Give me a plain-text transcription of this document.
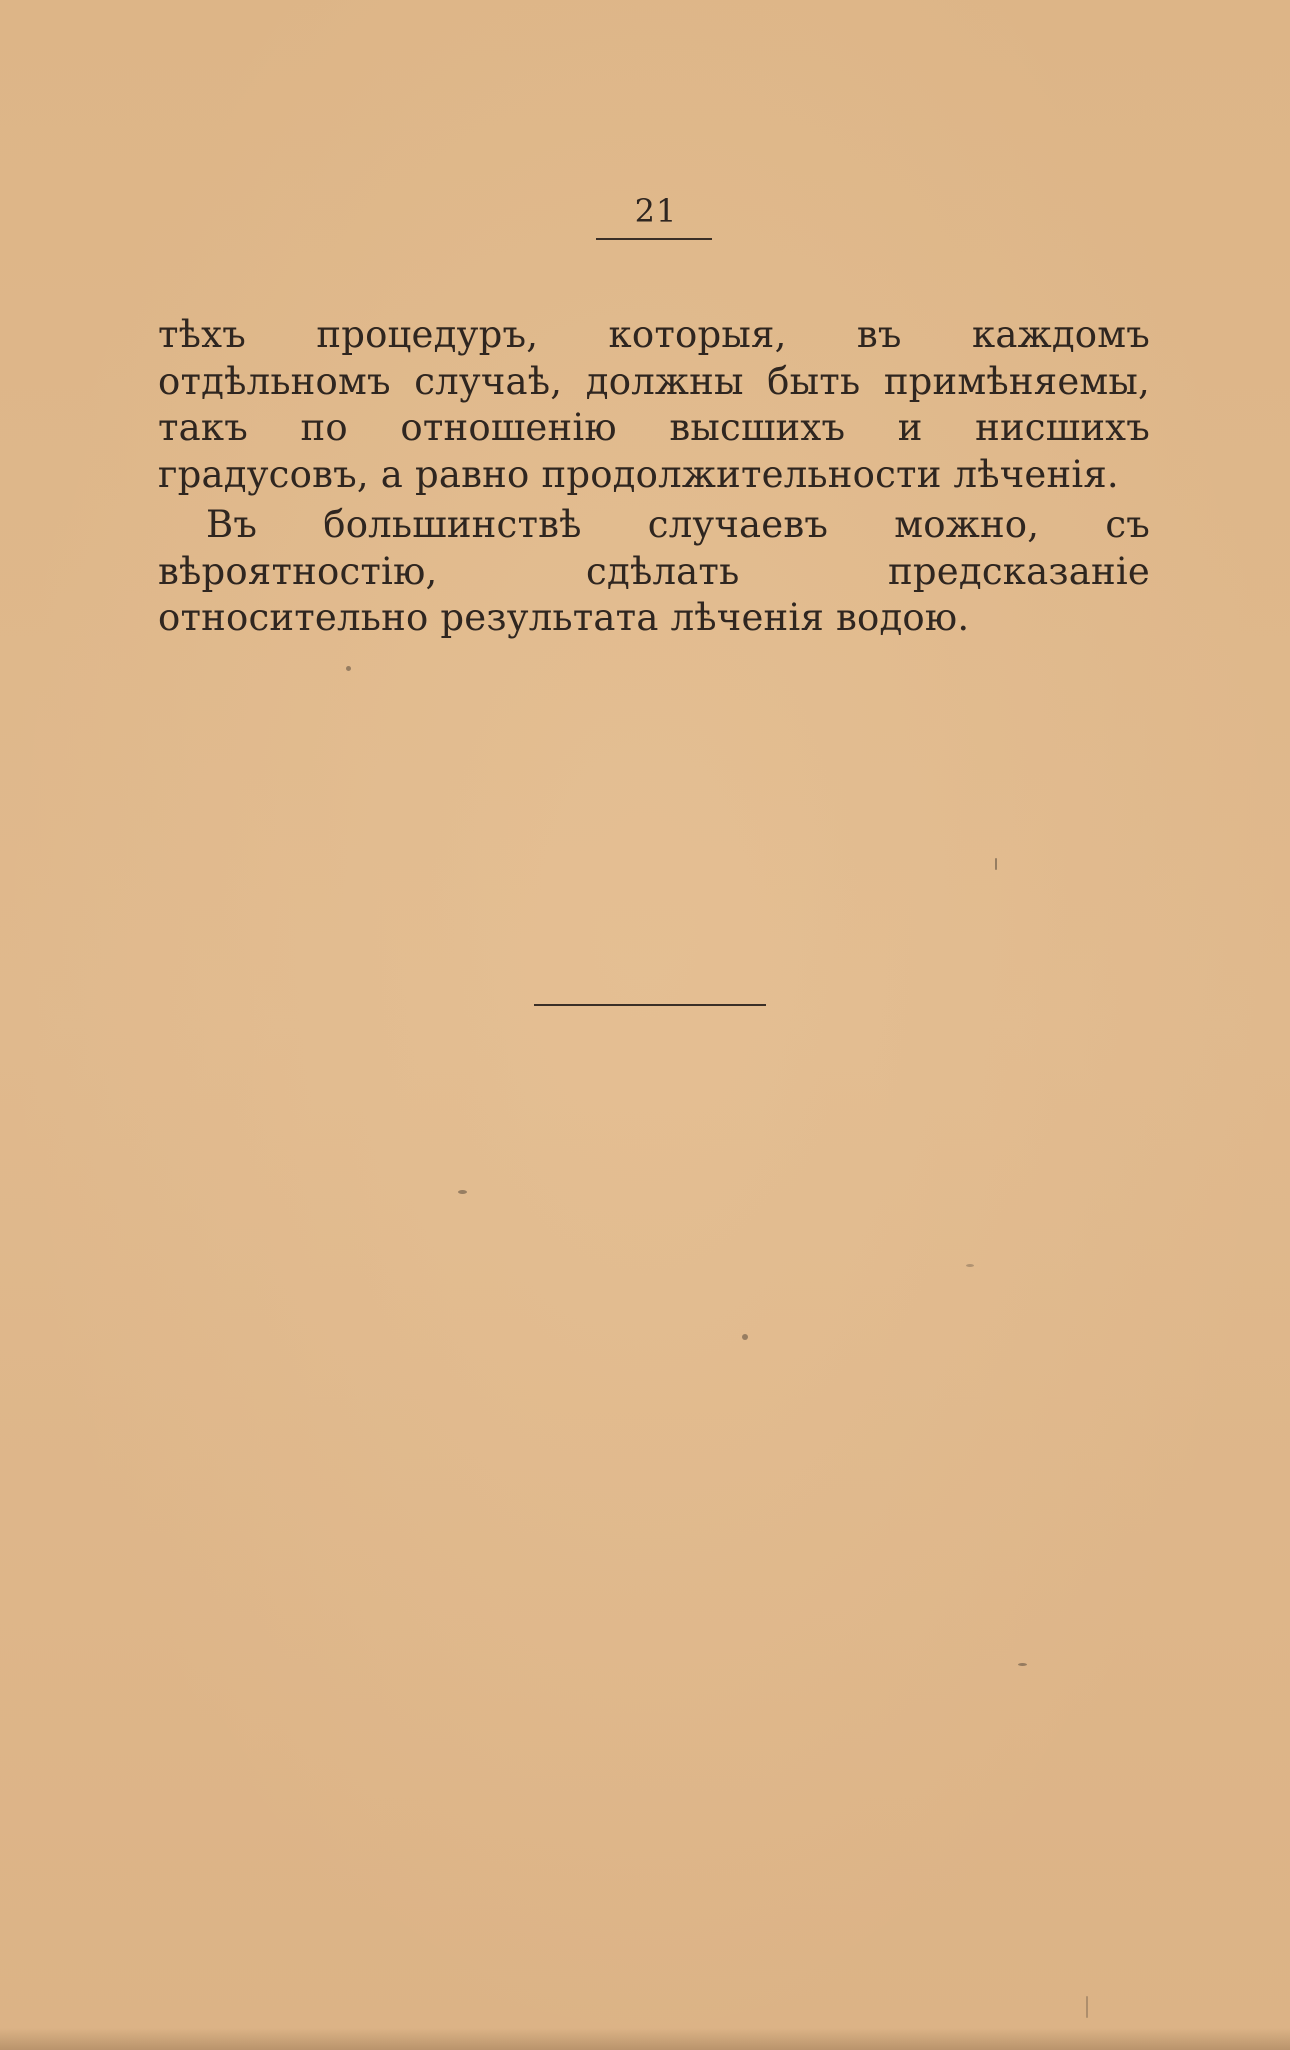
21

тѣхъ процедуръ, которыя, въ каждомъ отдѣльномъ случаѣ, должны быть примѣняемы, такъ по отношенію высшихъ и нисшихъ градусовъ, а равно продолжительности лѣченія.

Въ большинствѣ случаевъ можно, съ вѣроятностію, сдѣлать предсказаніе относительно результата лѣченія водою.
